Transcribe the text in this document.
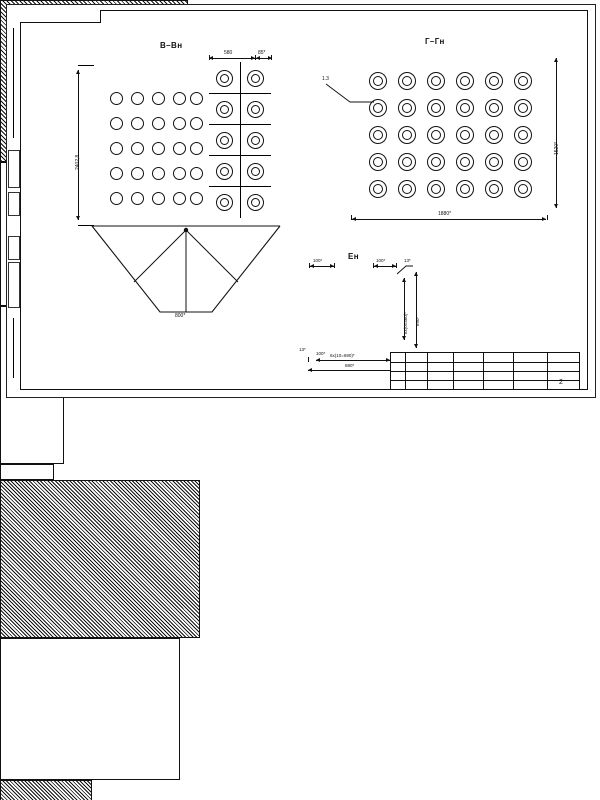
В–Вн
580	85*
2402,8
800*
Г–Гн
1.3
1520*
1880*
Ен
100*	100*	13*
6x(0=460)* 690*
13*
100* 6x(10=690)*
880*
2
